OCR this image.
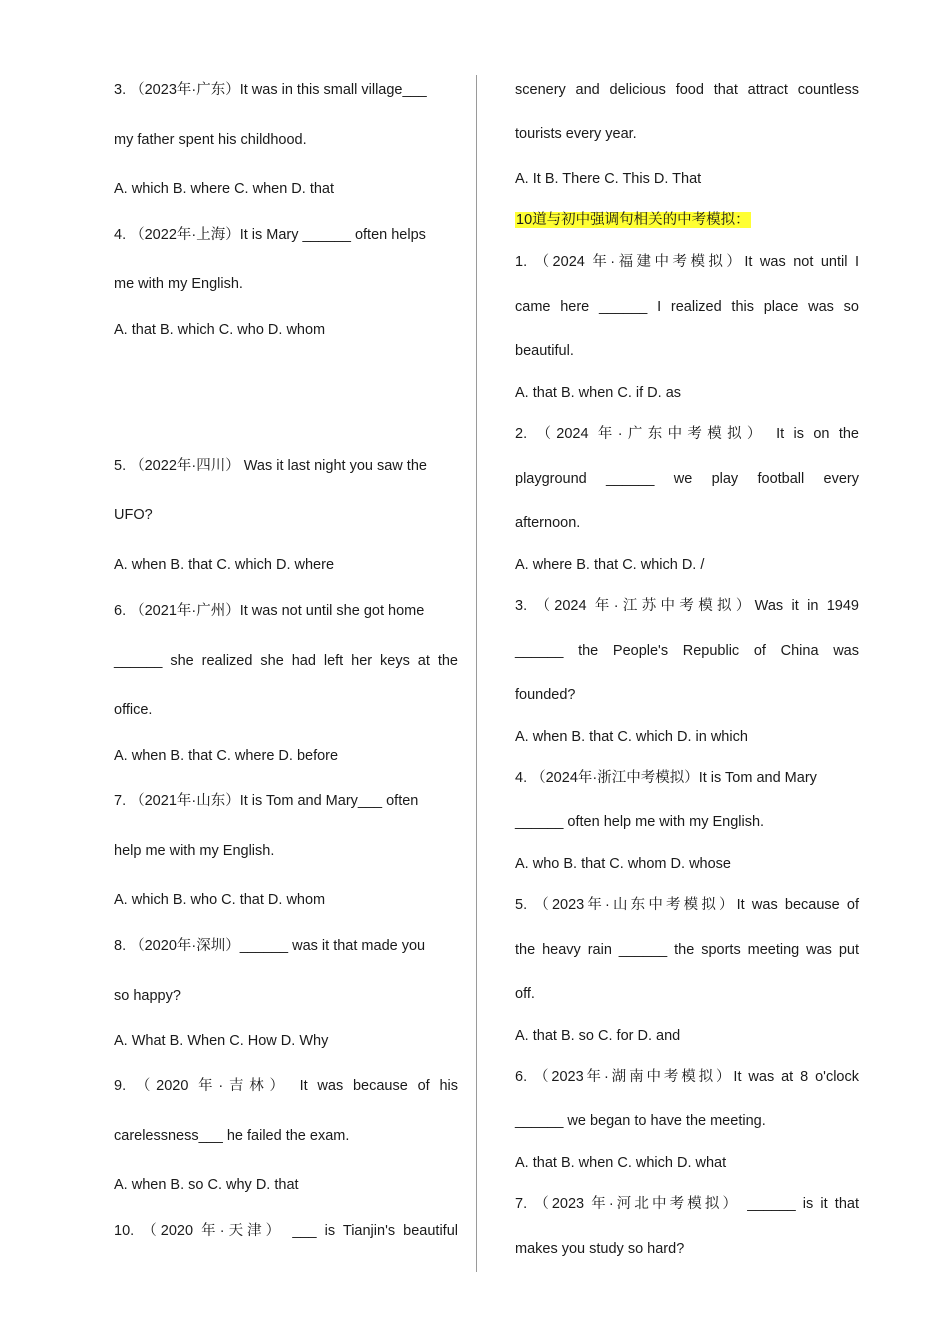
3. （2023年·广东）It was in this small village___
my father spent his childhood.
A. which B. where C. when D. that
4. （2022年·上海）It is Mary ______ often helps
me with my English.
A. that B. which C. who D. whom
5. （2022年·四川） Was it last night you saw the
UFO?
A. when B. that C. which D. where
6. （2021年·广州）It was not until she got home
______ she realized she had left her keys at the
office.
A. when B. that C. where D. before
7. （2021年·山东）It is Tom and Mary___ often
help me with my English.
A. which B. who C. that D. whom
8. （2020年·深圳）______ was it that made you
so happy?
A. What B. When C. How D. Why
9. （2020 年·吉林） It was because of his
carelessness___ he failed the exam.
A. when B. so C. why D. that
10. （2020 年·天津） ___ is Tianjin's beautiful
scenery and delicious food that attract countless
tourists every year.
A. It B. There C. This D. That
10道与初中强调句相关的中考模拟：
1. （2024 年·福建中考模拟）It was not until I
came here ______ I realized this place was so
beautiful.
A. that B. when C. if D. as
2. （2024 年·广东中考模拟） It is on the
playground ______ we play football every
afternoon.
A. where B. that C. which D. /
3. （2024 年·江苏中考模拟）Was it in 1949
______ the People's Republic of China was
founded?
A. when B. that C. which D. in which
4. （2024年·浙江中考模拟）It is Tom and Mary
______ often help me with my English.
A. who B. that C. whom D. whose
5. （2023年·山东中考模拟）It was because of
the heavy rain ______ the sports meeting was put
off.
A. that B. so C. for D. and
6. （2023年·湖南中考模拟）It was at 8 o'clock
______ we began to have the meeting.
A. that B. when C. which D. what
7. （2023 年·河北中考模拟） ______ is it that
makes you study so hard?
